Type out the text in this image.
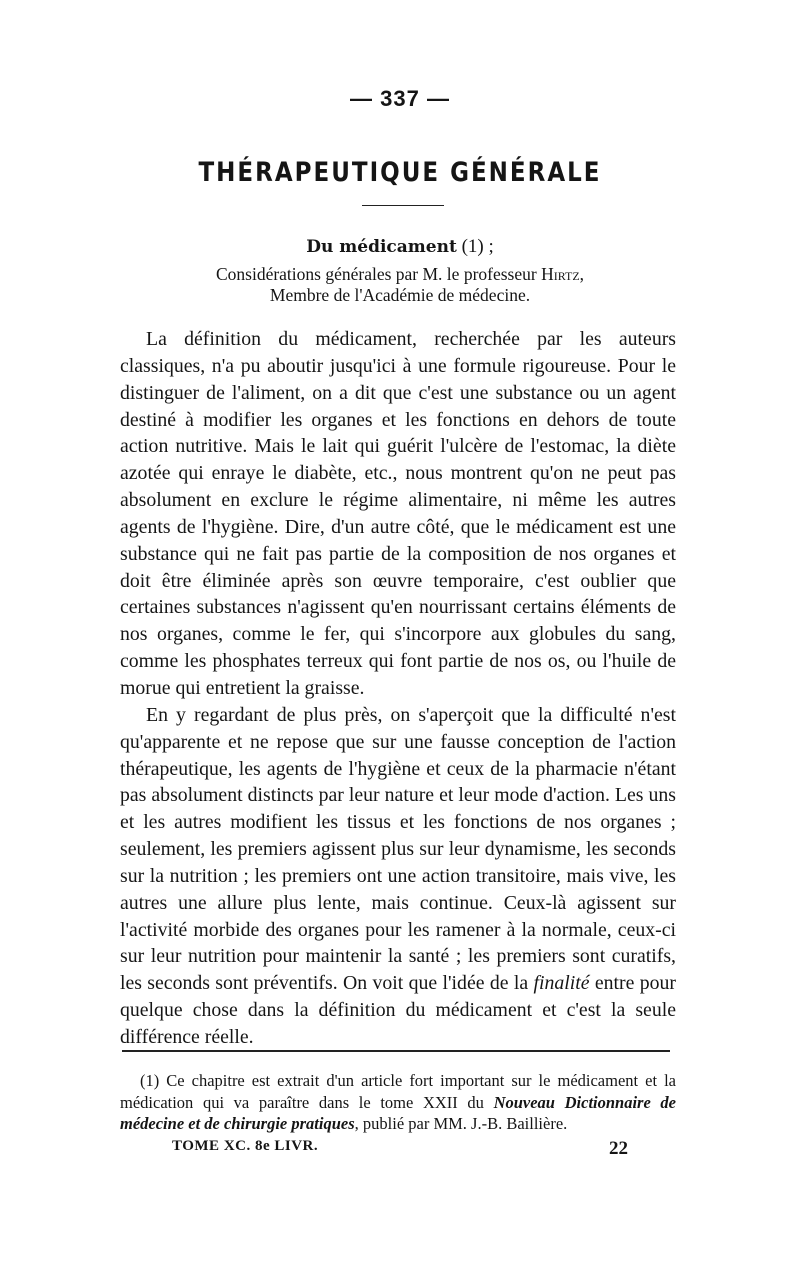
— 337 —
THÉRAPEUTIQUE GÉNÉRALE
Du médicament (1) ;
Considérations générales par M. le professeur Hirtz,
Membre de l'Académie de médecine.

La définition du médicament, recherchée par les auteurs classiques, n'a pu aboutir jusqu'ici à une formule rigoureuse. Pour le distinguer de l'aliment, on a dit que c'est une substance ou un agent destiné à modifier les organes et les fonctions en dehors de toute action nutritive. Mais le lait qui guérit l'ulcère de l'estomac, la diète azotée qui enraye le diabète, etc., nous montrent qu'on ne peut pas absolument en exclure le régime alimentaire, ni même les autres agents de l'hygiène. Dire, d'un autre côté, que le médicament est une substance qui ne fait pas partie de la composition de nos organes et doit être éliminée après son œuvre temporaire, c'est oublier que certaines substances n'agissent qu'en nourrissant certains éléments de nos organes, comme le fer, qui s'incorpore aux globules du sang, comme les phosphates terreux qui font partie de nos os, ou l'huile de morue qui entretient la graisse.

En y regardant de plus près, on s'aperçoit que la difficulté n'est qu'apparente et ne repose que sur une fausse conception de l'action thérapeutique, les agents de l'hygiène et ceux de la pharmacie n'étant pas absolument distincts par leur nature et leur mode d'action. Les uns et les autres modifient les tissus et les fonctions de nos organes ; seulement, les premiers agissent plus sur leur dynamisme, les seconds sur la nutrition ; les premiers ont une action transitoire, mais vive, les autres une allure plus lente, mais continue. Ceux-là agissent sur l'activité morbide des organes pour les ramener à la normale, ceux-ci sur leur nutrition pour maintenir la santé ; les premiers sont curatifs, les seconds sont préventifs. On voit que l'idée de la finalité entre pour quelque chose dans la définition du médicament et c'est la seule différence réelle.

(1) Ce chapitre est extrait d'un article fort important sur le médicament et la médication qui va paraître dans le tome XXII du Nouveau Dictionnaire de médecine et de chirurgie pratiques, publié par MM. J.-B. Baillière.

TOME XC. 8e LIVR.	22
